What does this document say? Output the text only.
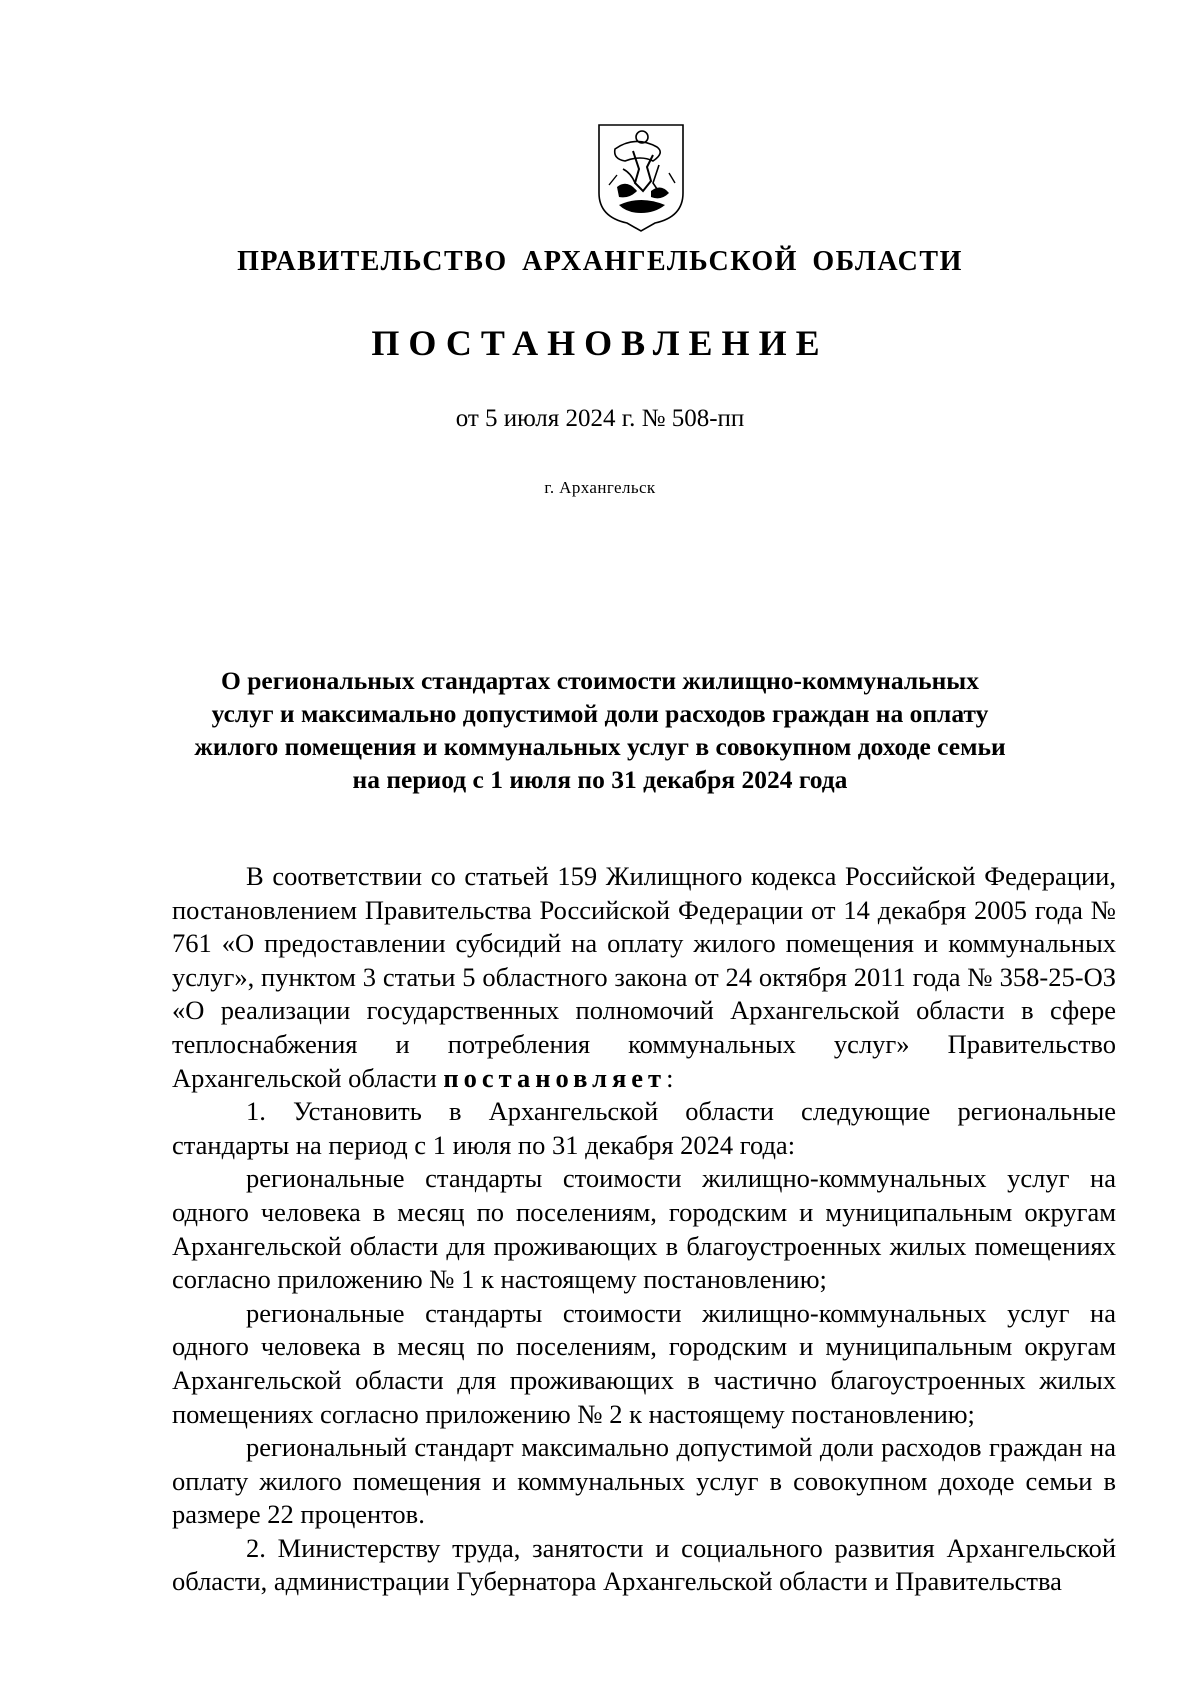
ПРАВИТЕЛЬСТВО АРХАНГЕЛЬСКОЙ ОБЛАСТИ
ПОСТАНОВЛЕНИЕ
от 5 июля 2024 г. № 508-пп
г. Архангельск
О региональных стандартах стоимости жилищно-коммунальных
услуг и максимально допустимой доли расходов граждан на оплату
жилого помещения и коммунальных услуг в совокупном доходе семьи
на период с 1 июля по 31 декабря 2024 года

В соответствии со статьей 159 Жилищного кодекса Российской Федерации, постановлением Правительства Российской Федерации от 14 декабря 2005 года № 761 «О предоставлении субсидий на оплату жилого помещения и коммунальных услуг», пунктом 3 статьи 5 областного закона от 24 октября 2011 года № 358-25-ОЗ «О реализации государственных полномочий Архангельской области в сфере теплоснабжения и потребления коммунальных услуг» Правительство Архангельской области постановляет:

1. Установить в Архангельской области следующие региональные стандарты на период с 1 июля по 31 декабря 2024 года:

региональные стандарты стоимости жилищно-коммунальных услуг на одного человека в месяц по поселениям, городским и муниципальным округам Архангельской области для проживающих в благоустроенных жилых помещениях согласно приложению № 1 к настоящему постановлению;

региональные стандарты стоимости жилищно-коммунальных услуг на одного человека в месяц по поселениям, городским и муниципальным округам Архангельской области для проживающих в частично благоустроенных жилых помещениях согласно приложению № 2 к настоящему постановлению;

региональный стандарт максимально допустимой доли расходов граждан на оплату жилого помещения и коммунальных услуг в совокупном доходе семьи в размере 22 процентов.

2. Министерству труда, занятости и социального развития Архангельской области, администрации Губернатора Архангельской области и Правительства
